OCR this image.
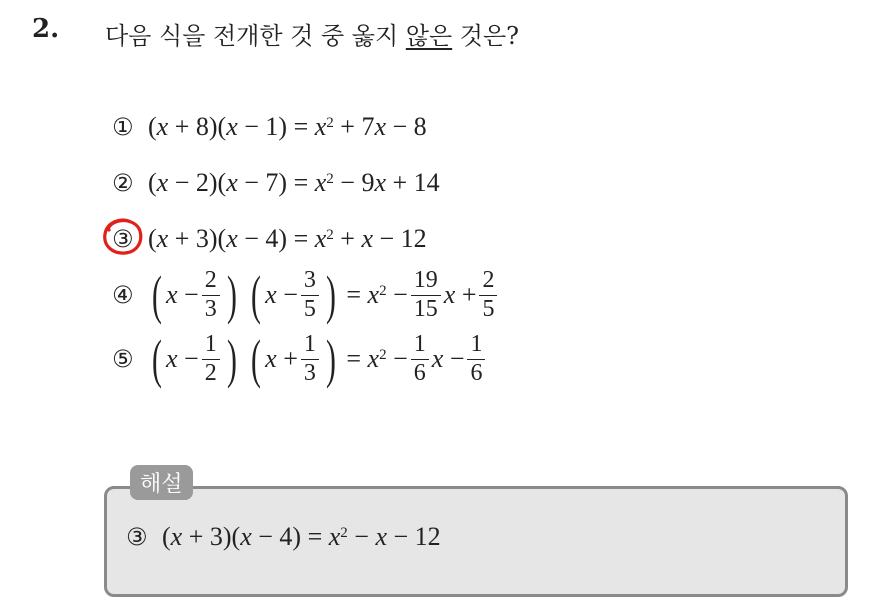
2. 다음 식을 전개한 것 중 옳지 않은 것은?
① ( x + 8)( $x - 1) = x^2 + 7$ x − 8
② ( x − 2)( $x - 7) = x^2 - 9$ x + 14
③ ( x + 3)( $x - 4) = x^2 + x - 12$
④ ( $x - \frac{2}{3}$ )
( $x - \frac{3}{5}$ ) = $x^2 - \frac{19}{15}$ $x + \frac{2}{5}$
⑤ ( $x - \frac{1}{2}$ )
( $x + \frac{1}{3}$ ) = $x^2 - \frac{1}{6}$ $x - \frac{1}{6}$
해설
③ ( x + 3)( $x - 4) = x^2 - x - 12$
